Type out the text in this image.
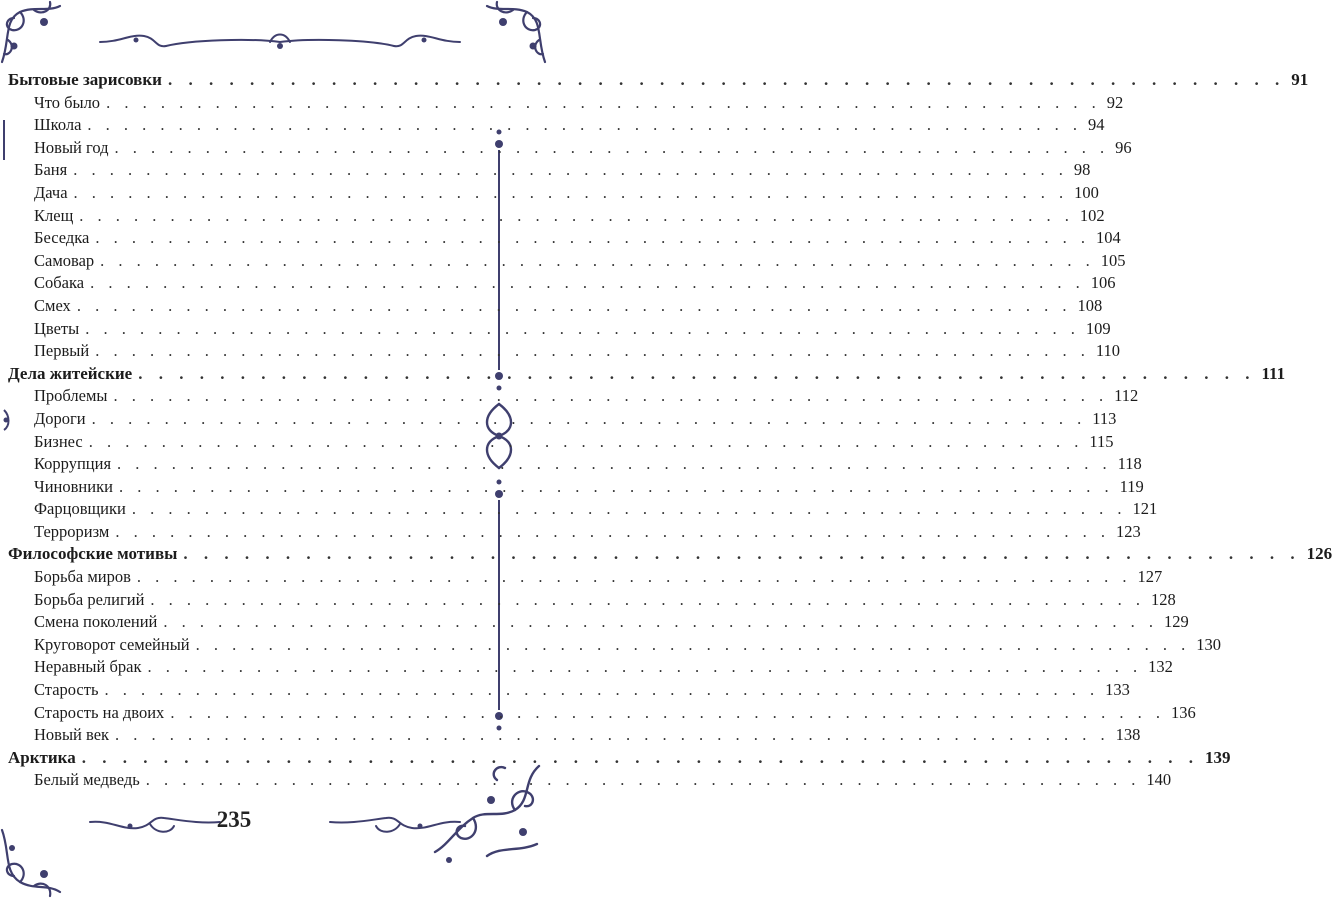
Бытовые зарисовки . . . . . . . . . . . . . . . . . . . . . . . . . . . . . . . . . . . . . . . . . . . . . . . . . . . . . . . 91
Что было . . . . . . . . . . . . . . . . . . . . . . . . . . . . . . . . . . . . . . . . . . . . . . . . . . . . . . . 92
Школа . . . . . . . . . . . . . . . . . . . . . . . . . . . . . . . . . . . . . . . . . . . . . . . . . . . . . . . 94
Новый год . . . . . . . . . . . . . . . . . . . . . . . . . . . . . . . . . . . . . . . . . . . . . . . . . . . . . . . 96
Баня . . . . . . . . . . . . . . . . . . . . . . . . . . . . . . . . . . . . . . . . . . . . . . . . . . . . . . . 98
Дача . . . . . . . . . . . . . . . . . . . . . . . . . . . . . . . . . . . . . . . . . . . . . . . . . . . . . . . 100
Клещ . . . . . . . . . . . . . . . . . . . . . . . . . . . . . . . . . . . . . . . . . . . . . . . . . . . . . . . 102
Беседка . . . . . . . . . . . . . . . . . . . . . . . . . . . . . . . . . . . . . . . . . . . . . . . . . . . . . . . 104
Самовар . . . . . . . . . . . . . . . . . . . . . . . . . . . . . . . . . . . . . . . . . . . . . . . . . . . . . . . 105
Собака . . . . . . . . . . . . . . . . . . . . . . . . . . . . . . . . . . . . . . . . . . . . . . . . . . . . . . . 106
Смех . . . . . . . . . . . . . . . . . . . . . . . . . . . . . . . . . . . . . . . . . . . . . . . . . . . . . . . 108
Цветы . . . . . . . . . . . . . . . . . . . . . . . . . . . . . . . . . . . . . . . . . . . . . . . . . . . . . . . 109
Первый . . . . . . . . . . . . . . . . . . . . . . . . . . . . . . . . . . . . . . . . . . . . . . . . . . . . . . . 110
Дела житейские . . . . . . . . . . . . . . . . . . . . . . . . . . . . . . . . . . . . . . . . . . . . . . . . . . . . . . . 111
Проблемы . . . . . . . . . . . . . . . . . . . . . . . . . . . . . . . . . . . . . . . . . . . . . . . . . . . . . . . 112
Дороги . . . . . . . . . . . . . . . . . . . . . . . . . . . . . . . . . . . . . . . . . . . . . . . . . . . . . . . 113
Бизнес . . . . . . . . . . . . . . . . . . . . . . . . . . . . . . . . . . . . . . . . . . . . . . . . . . . . . . . 115
Коррупция . . . . . . . . . . . . . . . . . . . . . . . . . . . . . . . . . . . . . . . . . . . . . . . . . . . . . . . 118
Чиновники . . . . . . . . . . . . . . . . . . . . . . . . . . . . . . . . . . . . . . . . . . . . . . . . . . . . . . . 119
Фарцовщики . . . . . . . . . . . . . . . . . . . . . . . . . . . . . . . . . . . . . . . . . . . . . . . . . . . . . . . 121
Терроризм . . . . . . . . . . . . . . . . . . . . . . . . . . . . . . . . . . . . . . . . . . . . . . . . . . . . . . . 123
Философские мотивы . . . . . . . . . . . . . . . . . . . . . . . . . . . . . . . . . . . . . . . . . . . . . . . . . . . . . . . 126
Борьба миров . . . . . . . . . . . . . . . . . . . . . . . . . . . . . . . . . . . . . . . . . . . . . . . . . . . . . . . 127
Борьба религий . . . . . . . . . . . . . . . . . . . . . . . . . . . . . . . . . . . . . . . . . . . . . . . . . . . . . . . 128
Смена поколений . . . . . . . . . . . . . . . . . . . . . . . . . . . . . . . . . . . . . . . . . . . . . . . . . . . . . . . 129
Круговорот семейный . . . . . . . . . . . . . . . . . . . . . . . . . . . . . . . . . . . . . . . . . . . . . . . . . . . . . . . 130
Неравный брак . . . . . . . . . . . . . . . . . . . . . . . . . . . . . . . . . . . . . . . . . . . . . . . . . . . . . . . 132
Старость . . . . . . . . . . . . . . . . . . . . . . . . . . . . . . . . . . . . . . . . . . . . . . . . . . . . . . . 133
Старость на двоих . . . . . . . . . . . . . . . . . . . . . . . . . . . . . . . . . . . . . . . . . . . . . . . . . . . . . . . 136
Новый век . . . . . . . . . . . . . . . . . . . . . . . . . . . . . . . . . . . . . . . . . . . . . . . . . . . . . . . 138
Арктика . . . . . . . . . . . . . . . . . . . . . . . . . . . . . . . . . . . . . . . . . . . . . . . . . . . . . . . 139
Белый медведь . . . . . . . . . . . . . . . . . . . . . . . . . . . . . . . . . . . . . . . . . . . . . . . . . . . . . . . 140
235
